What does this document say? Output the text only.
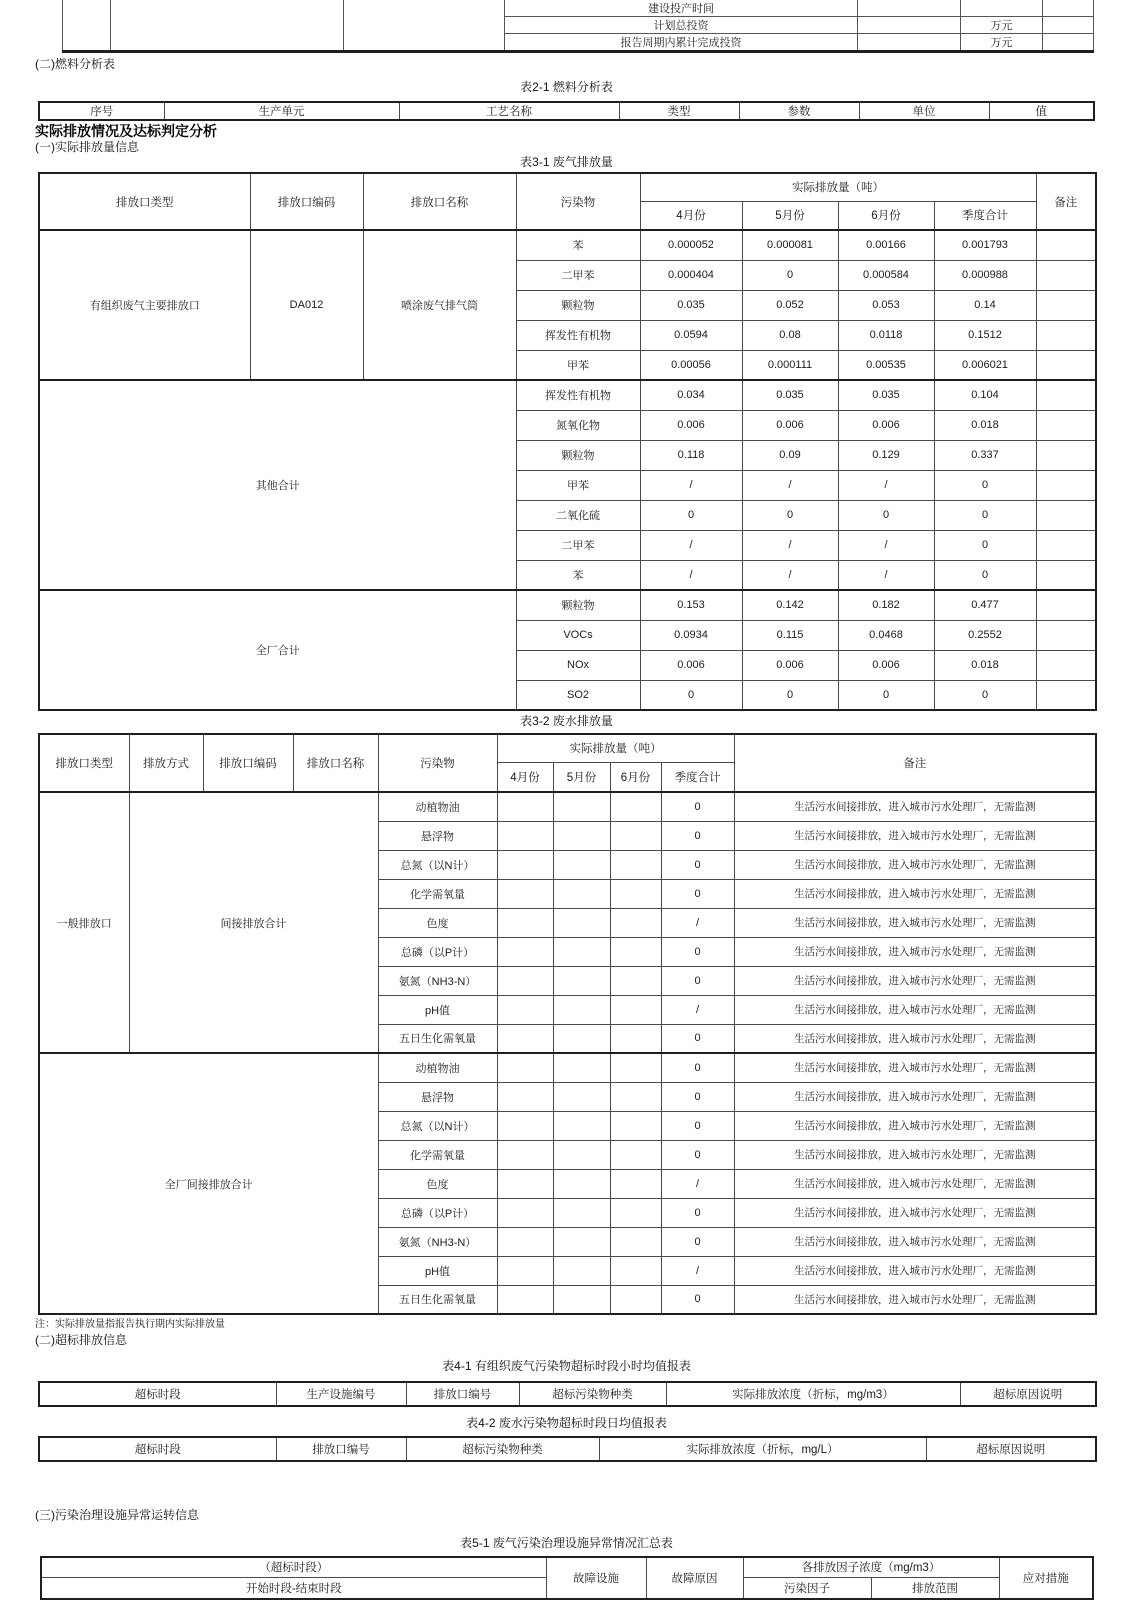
			建设投产时间			
			计划总投资		万元	
			报告周期内累计完成投资		万元	
(二)燃料分析表
表2-1 燃料分析表
序号	生产单元	工艺名称	类型	参数	单位	值
实际排放情况及达标判定分析
(一)实际排放量信息
表3-1 废气排放量
排放口类型	排放口编码	排放口名称	污染物	实际排放量（吨）				备注
				4月份	5月份	6月份	季度合计	
有组织废气主要排放口	DA012	喷涂废气排气筒	苯	0.000052	0.000081	0.00166	0.001793	
			二甲苯	0.000404	0	0.000584	0.000988	
			颗粒物	0.035	0.052	0.053	0.14	
			挥发性有机物	0.0594	0.08	0.0118	0.1512	
			甲苯	0.00056	0.000111	0.00535	0.006021	
其他合计			挥发性有机物	0.034	0.035	0.035	0.104	
			氮氧化物	0.006	0.006	0.006	0.018	
			颗粒物	0.118	0.09	0.129	0.337	
			甲苯	/	/	/	0	
			二氧化硫	0	0	0	0	
			二甲苯	/	/	/	0	
			苯	/	/	/	0	
全厂合计			颗粒物	0.153	0.142	0.182	0.477	
			VOCs	0.0934	0.115	0.0468	0.2552	
			NOx	0.006	0.006	0.006	0.018	
			SO2	0	0	0	0	
表3-2 废水排放量
排放口类型	排放方式	排放口编码	排放口名称	污染物	实际排放量（吨）				备注
					4月份	5月份	6月份	季度合计	
一般排放口	间接排放合计			动植物油				0	生活污水间接排放，进入城市污水处理厂，无需监测
				悬浮物				0	生活污水间接排放，进入城市污水处理厂，无需监测
				总氮（以N计）				0	生活污水间接排放，进入城市污水处理厂，无需监测
				化学需氧量				0	生活污水间接排放，进入城市污水处理厂，无需监测
				色度				/	生活污水间接排放，进入城市污水处理厂，无需监测
				总磷（以P计）				0	生活污水间接排放，进入城市污水处理厂，无需监测
				氨氮（NH3-N）				0	生活污水间接排放，进入城市污水处理厂，无需监测
				pH值				/	生活污水间接排放，进入城市污水处理厂，无需监测
				五日生化需氧量				0	生活污水间接排放，进入城市污水处理厂，无需监测
全厂间接排放合计				动植物油				0	生活污水间接排放，进入城市污水处理厂，无需监测
				悬浮物				0	生活污水间接排放，进入城市污水处理厂，无需监测
				总氮（以N计）				0	生活污水间接排放，进入城市污水处理厂，无需监测
				化学需氧量				0	生活污水间接排放，进入城市污水处理厂，无需监测
				色度				/	生活污水间接排放，进入城市污水处理厂，无需监测
				总磷（以P计）				0	生活污水间接排放，进入城市污水处理厂，无需监测
				氨氮（NH3-N）				0	生活污水间接排放，进入城市污水处理厂，无需监测
				pH值				/	生活污水间接排放，进入城市污水处理厂，无需监测
				五日生化需氧量				0	生活污水间接排放，进入城市污水处理厂，无需监测
注：实际排放量指报告执行期内实际排放量
(二)超标排放信息
表4-1 有组织废气污染物超标时段小时均值报表
超标时段	生产设施编号	排放口编号	超标污染物种类	实际排放浓度（折标，mg/m3）	超标原因说明
表4-2 废水污染物超标时段日均值报表
超标时段	排放口编号	超标污染物种类	实际排放浓度（折标，mg/L）	超标原因说明
(三)污染治理设施异常运转信息
表5-1 废气污染治理设施异常情况汇总表
（超标时段）	故障设施	故障原因	各排放因子浓度（mg/m3）		应对措施
开始时段-结束时段			污染因子	排放范围	
